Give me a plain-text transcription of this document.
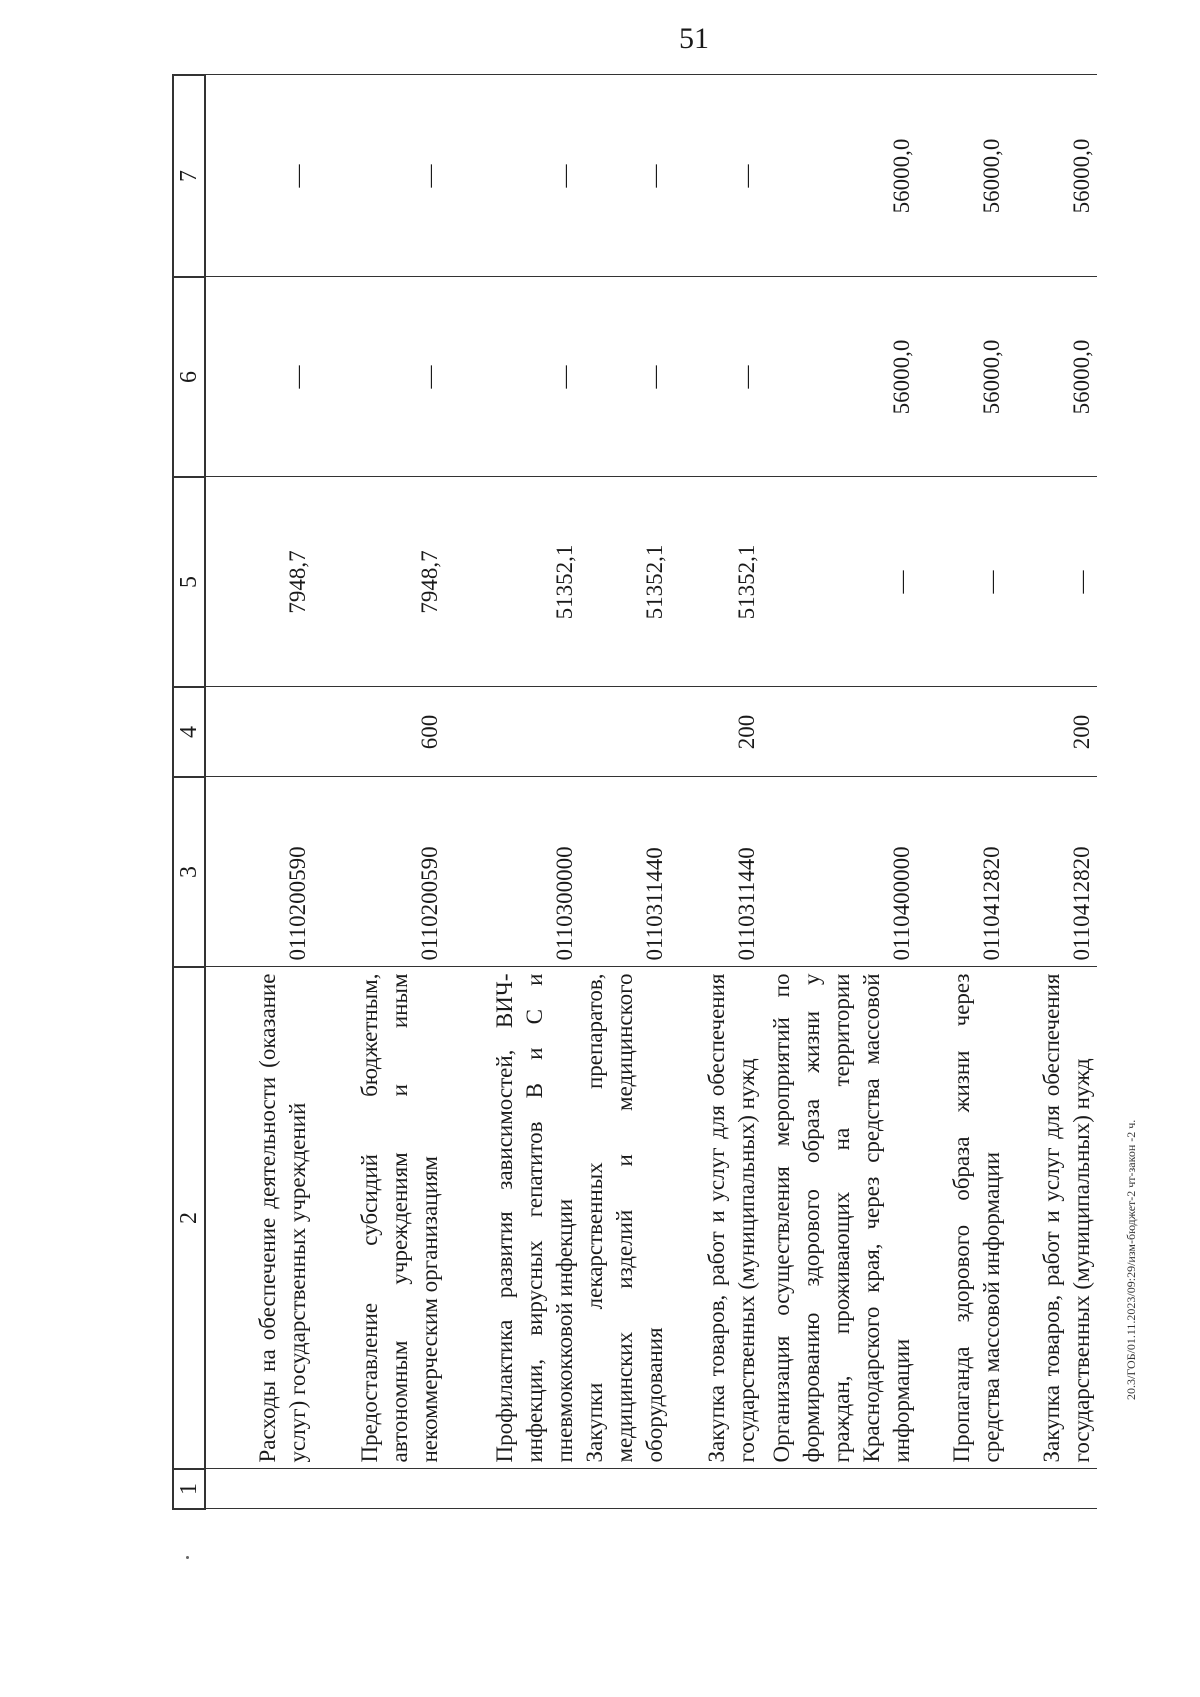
51
1	2	3	4	5	6	7
	Расходы на обеспечение деятельности (оказание услуг) государственных учреждений	0110200590		7948,7	—	—
	Предоставление субсидий бюджетным, автономным учреждениям и иным некоммерческим организациям	0110200590	600	7948,7	—	—
	Профилактика развития зависимостей, ВИЧ-инфекции, вирусных гепатитов В и С и пневмококковой инфекции	0110300000		51352,1	—	—
	Закупки лекарственных препаратов, медицинских изделий и медицинского оборудования	0110311440		51352,1	—	—
	Закупка товаров, работ и услуг для обеспечения государственных (муниципальных) нужд	0110311440	200	51352,1	—	—
	Организация осуществления мероприятий по формированию здорового образа жизни у граждан, проживающих на территории Краснодарского края, через средства массовой информации	0110400000		—	56000,0	56000,0
	Пропаганда здорового образа жизни через средства массовой информации	0110412820		—	56000,0	56000,0
	Закупка товаров, работ и услуг для обеспечения государственных (муниципальных) нужд	0110412820	200	—	56000,0	56000,0
20.3/ГОБ/01.11.2023/09:29/изм-бюджет-2 чт-закон -2 ч.
